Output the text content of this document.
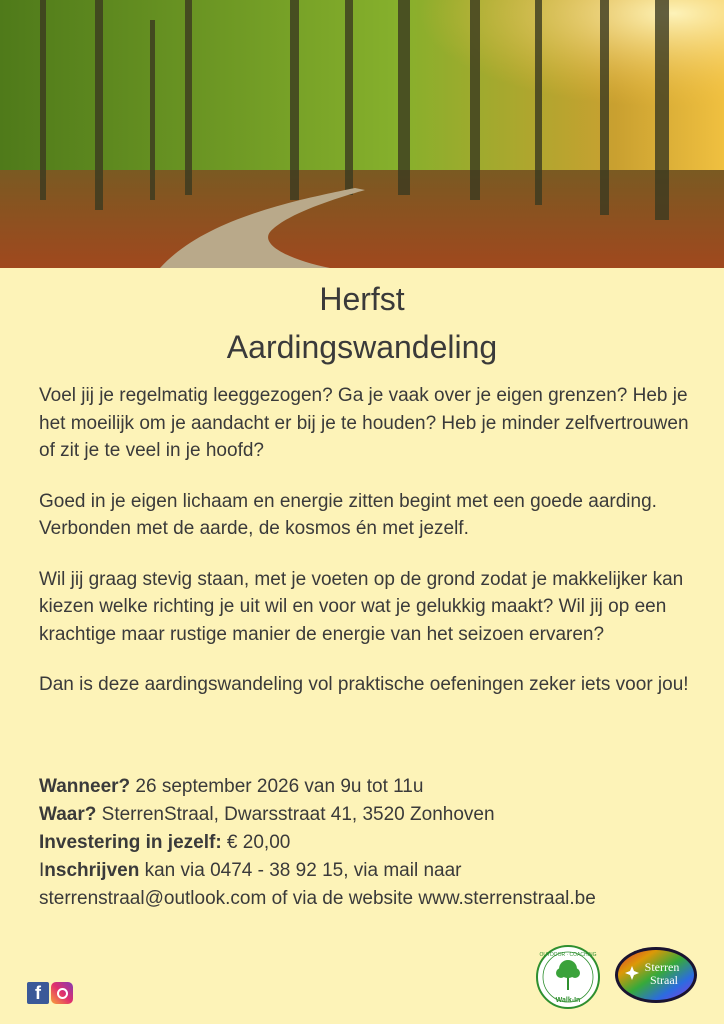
Herfst
Aardingswandeling

Voel jij je regelmatig leeggezogen? Ga je vaak over je eigen grenzen? Heb je het moeilijk om je aandacht er bij je te houden? Heb je minder zelfvertrouwen of zit je te veel in je hoofd?

Goed in je eigen lichaam en energie zitten begint met een goede aarding. Verbonden met de aarde, de kosmos én met jezelf.

Wil jij graag stevig staan, met je voeten op de grond zodat je makkelijker kan kiezen welke richting je uit wil en voor wat je gelukkig maakt? Wil jij op een krachtige maar rustige manier de energie van het seizoen ervaren?

Dan is deze aardingswandeling vol praktische oefeningen zeker iets voor jou!

Wanneer? 26 september 2026 van 9u tot 11u
Waar? SterrenStraal, Dwarsstraat 41, 3520 Zonhoven
Investering in jezelf: € 20,00
Inschrijven kan via 0474 - 38 92 15, via mail naar
sterrenstraal@outlook.com of via de website www.sterrenstraal.be
f
OUTDOOR · COACHING
Walk-In
Sterren
Straal
